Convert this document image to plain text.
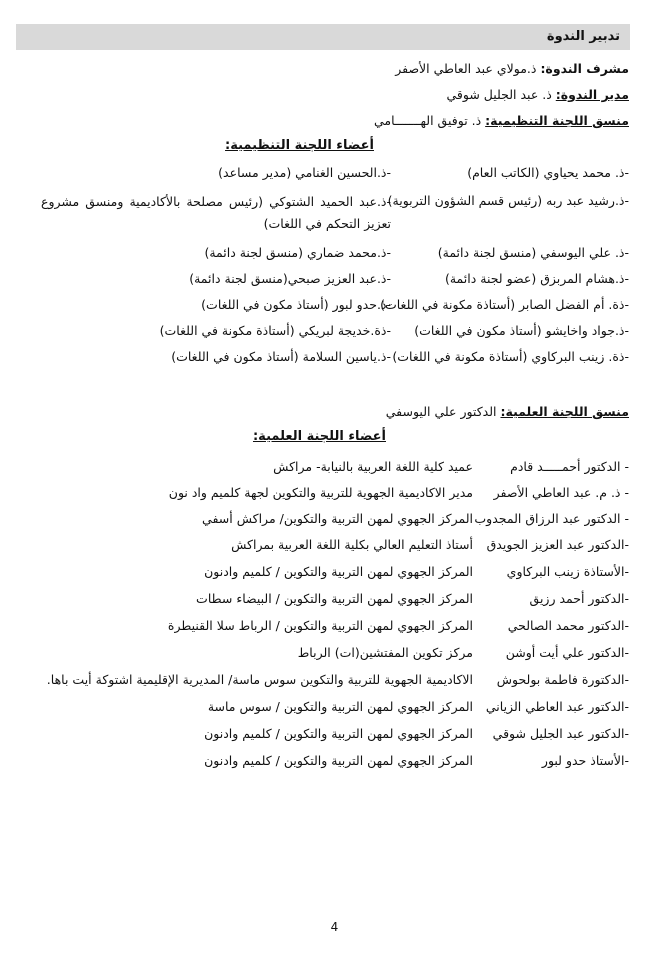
تدبير الندوة
مشرف الندوة: ذ.مولاي عبد العاطي الأصفر
مدير الندوة: ذ. عبد الجليل شوقي
منسق اللجنة التنظيمية: ذ. توفيق الهـــــــامي
أعضاء اللجنة التنظيمية:
-ذ. محمد يحياوي (الكاتب العام)
-ذ.الحسين الغنامي (مدير مساعد)
-ذ.رشيد عبد ربه (رئيس قسم الشؤون التربوية)
-ذ.عبد الحميد الشتوكي (رئيس مصلحة بالأكاديمية ومنسق مشروع تعزيز التحكم في اللغات)
-ذ. علي اليوسفي (منسق لجنة دائمة)
-ذ.محمد ضماري (منسق لجنة دائمة)
-ذ.هشام المربزق (عضو لجنة دائمة)
-ذ.عبد العزيز صبحي(منسق لجنة دائمة)
-ذة. أم الفضل الصابر (أستاذة مكونة في اللغات)
-ذ.حدو لبور (أستاذ مكون في اللغات)
-ذ.جواد واخايشو (أستاذ مكون في اللغات)
-ذة.خديجة لبريكي (أستاذة مكونة في اللغات)
-ذة. زينب البركاوي (أستاذة مكونة في اللغات)
-ذ.ياسين السلامة (أستاذ مكون في اللغات)
منسق اللجنة العلمية: الدكتور علي اليوسفي
أعضاء اللجنة العلمية:
- الدكتور أحمـــــد قادم
عميد كلية اللغة العربية بالنيابة- مراكش
- ذ. م. عبد العاطي الأصفر
مدير الاكاديمية الجهوية للتربية والتكوين لجهة كلميم واد نون
- الدكتور عبد الرزاق المجدوب
المركز الجهوي لمهن التربية والتكوين/ مراكش أسفي
-الدكتور عبد العزيز الجويدق
أستاذ التعليم العالي بكلية اللغة العربية بمراكش
-الأستاذة زينب البركاوي
المركز الجهوي لمهن التربية والتكوين / كلميم وادنون
-الدكتور أحمد رزيق
المركز الجهوي لمهن التربية والتكوين / البيضاء سطات
-الدكتور محمد الصالحي
المركز الجهوي لمهن التربية والتكوين / الرباط سلا القنيطرة
-الدكتور علي أيت أوشن
مركز تكوين المفتشين(ات) الرباط
-الدكتورة فاطمة بولحوش
الاكاديمية الجهوية للتربية والتكوين سوس ماسة/ المديرية الإقليمية اشتوكة أيت باها.
-الدكتور عبد العاطي الزياني
المركز الجهوي لمهن التربية والتكوين / سوس ماسة
-الدكتور عبد الجليل شوقي
المركز الجهوي لمهن التربية والتكوين / كلميم وادنون
-الأستاذ حدو لبور
المركز الجهوي لمهن التربية والتكوين / كلميم وادنون
4
